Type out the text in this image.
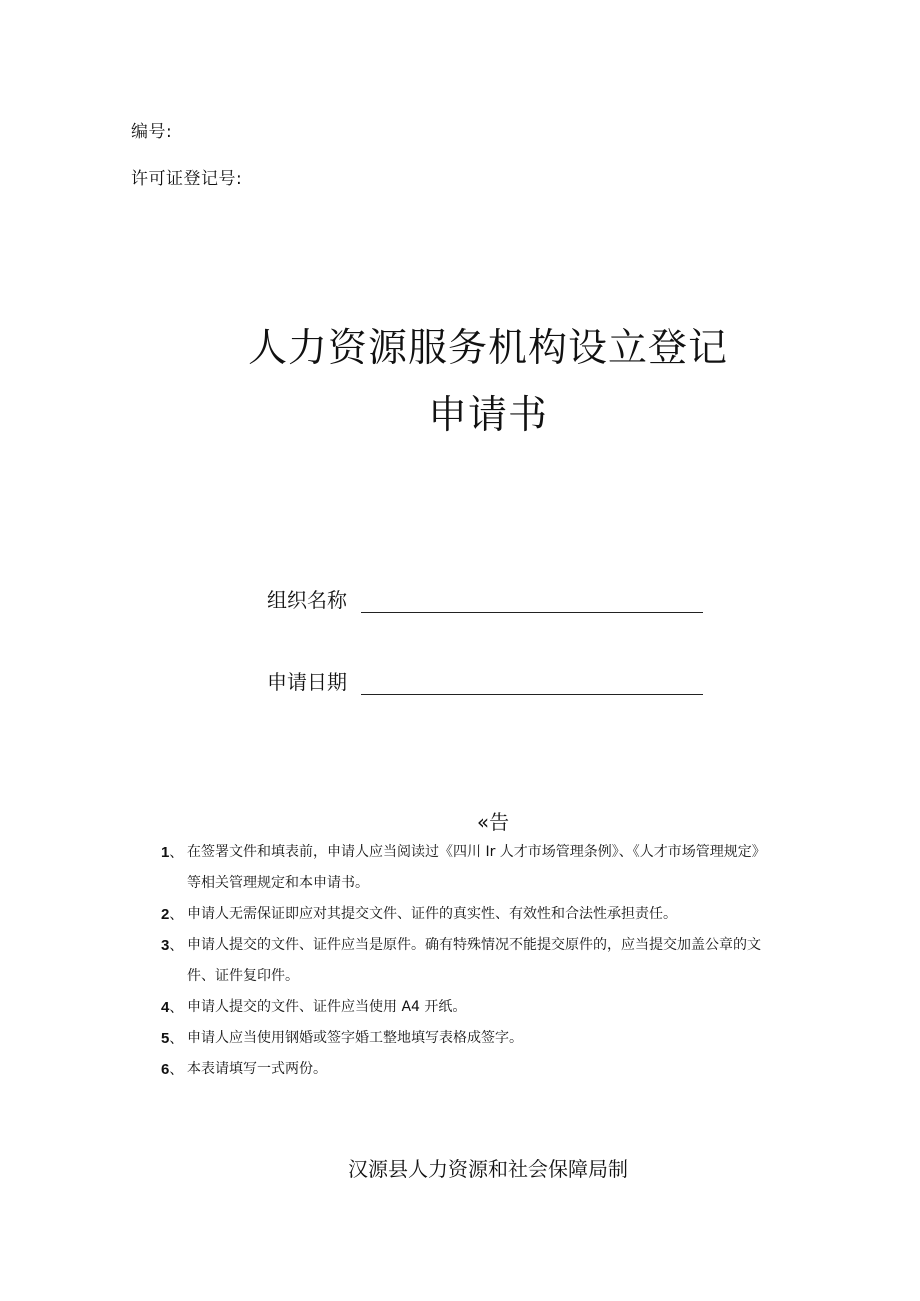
编号:
许可证登记号:
人力资源服务机构设立登记
申请书
组织名称
申请日期
«告
1 、	在签署文件和填表前，申请人应当阅读过《四川 Ir 人才市场管理条例》、《人才市场管理规定》
等相关管理规定和本申请书。
2 、	申请人无需保证即应对其提交文件、证件的真实性、有效性和合法性承担责任。
3 、	申请人提交的文件、证件应当是原件。确有特殊情况不能提交原件的，应当提交加盖公章的文
件、证件复印件。
4 、	申请人提交的文件、证件应当使用 A4 开纸。
5 、	申请人应当使用钢婚或签字婚工整地填写表格成签字。
6 、	本表请填写一式两份。
汉源县人力资源和社会保障局制
